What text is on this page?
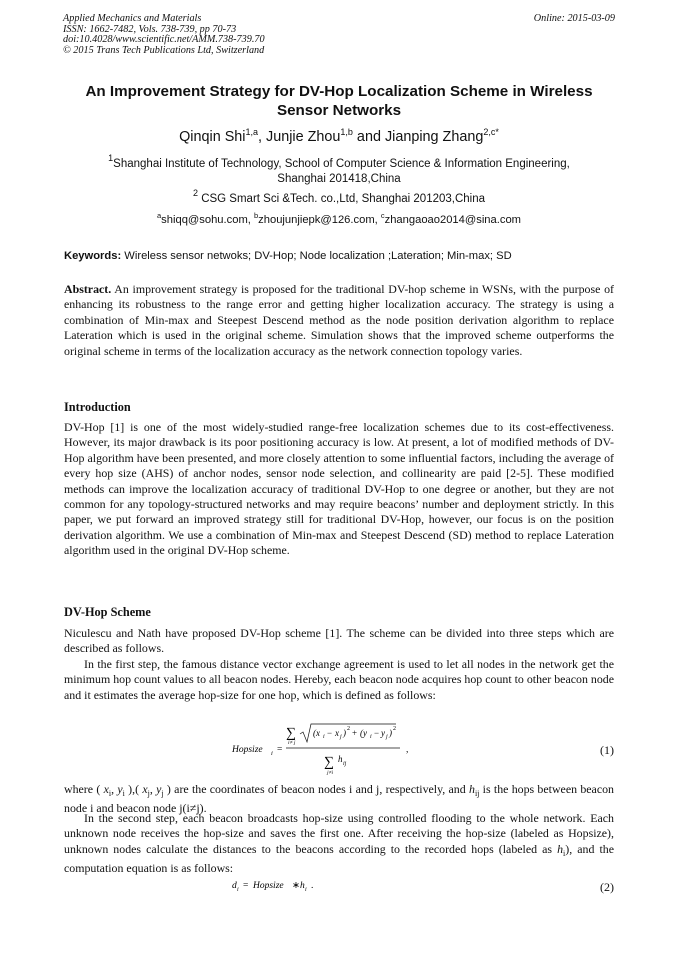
Applied Mechanics and Materials
ISSN: 1662-7482, Vols. 738-739, pp 70-73
doi:10.4028/www.scientific.net/AMM.738-739.70
© 2015 Trans Tech Publications Ltd, Switzerland
Online: 2015-03-09
An Improvement Strategy for DV-Hop Localization Scheme in Wireless Sensor Networks
Qinqin Shi$^{1,a}$, Junjie Zhou$^{1,b}$ and Jianping Zhang$^{2,c*}$
$^1$Shanghai Institute of Technology, School of Computer Science & Information Engineering,
Shanghai 201418,China
$^2$ CSG Smart Sci &Tech. co.,Ltd, Shanghai 201203,China
$^a$shiqq@sohu.com, $^b$zhoujunjiepk@126.com, $^c$zhangaoao2014@sina.com
Keywords: Wireless sensor netwoks; DV-Hop; Node localization ;Lateration; Min-max; SD

Abstract. An improvement strategy is proposed for the traditional DV-hop scheme in WSNs, with the purpose of enhancing its robustness to the range error and getting higher localization accuracy. The strategy is using a combination of Min-max and Steepest Descend method as the node position derivation algorithm to replace Lateration which is used in the original scheme. Simulation shows that the improved scheme outperforms the original scheme in terms of the localization accuracy as the network connection topology varies.

Introduction

DV-Hop [1] is one of the most widely-studied range-free localization schemes due to its cost-effectiveness. However, its major drawback is its poor positioning accuracy is low. At present, a lot of modified methods of DV-Hop algorithm have been presented, and more closely attention to some influential factors, including the average of every hop size (AHS) of anchor nodes, sensor node selection, and collinearity are paid [2-5]. These modified methods can improve the localization accuracy of traditional DV-Hop to one degree or another, but they are not common for any topology-structured networks and may require beacons’ number and deployment strictly. In this paper, we put forward an improved strategy still for traditional DV-Hop, however, our focus is on the position derivation algorithm. We use a combination of Min-max and Steepest Descend (SD) method to replace Lateration algorithm used in the original DV-Hop scheme.

DV-Hop Scheme

Niculescu and Nath have proposed DV-Hop scheme [1]. The scheme can be divided into three steps which are described as follows.

In the first step, the famous distance vector exchange agreement is used to let all nodes in the network get the minimum hop count values to all beacon nodes. Hereby, each beacon node acquires hop count to other beacon node and it estimates the average hop-size for one hop, which is defined as follows:

Hopsize i =
∑
i≠ j
(x i − x j ) 2 + (y i − y j ) 2
∑
j≠i
h ij
,	(1)

where ( $x_i$, $y_i$ ),( $x_j$, $y_j$ ) are the coordinates of beacon nodes i and j, respectively, and $h_{ij}$ is the hops between beacon node i and beacon node j(i≠j).

In the second step, each beacon broadcasts hop-size using controlled flooding to the whole network. Each unknown node receives the hop-size and saves the first one. After receiving the hop-size (labeled as Hopsize), unknown nodes calculate the distances to the beacons according to the recorded hops (labeled as $h_i$), and the computation equation is as follows:

d i = Hopsize ∗ h i .	(2)
